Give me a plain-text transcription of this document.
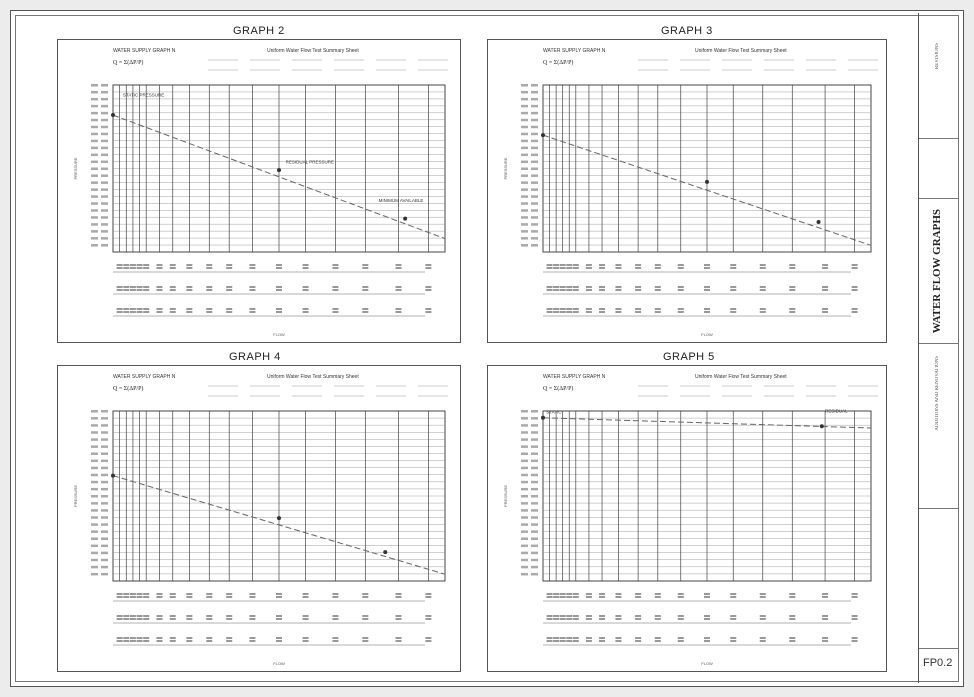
GRAPH 2	GRAPH 3
GRAPH 4	GRAPH 5
WATER SUPPLY GRAPH N
Q = Σ(ΔP/P)
Uniform Water Flow Test Summary Sheet
PRESSURE
FLOW
STATIC PRESSURE
RESIDUAL PRESSURE
MINIMUM AVAILABLE
WATER SUPPLY GRAPH N
Q = Σ(ΔP/P)
Uniform Water Flow Test Summary Sheet
PRESSURE
FLOW
WATER SUPPLY GRAPH N
Q = Σ(ΔP/P)
Uniform Water Flow Test Summary Sheet
PRESSURE
FLOW
WATER SUPPLY GRAPH N
Q = Σ(ΔP/P)
Uniform Water Flow Test Summary Sheet
PRESSURE
FLOW
STATIC	RESIDUAL
REVISIONS
WATER FLOW GRAPHS
ADDITIONS AND RENOVATIONS
FP0.2
